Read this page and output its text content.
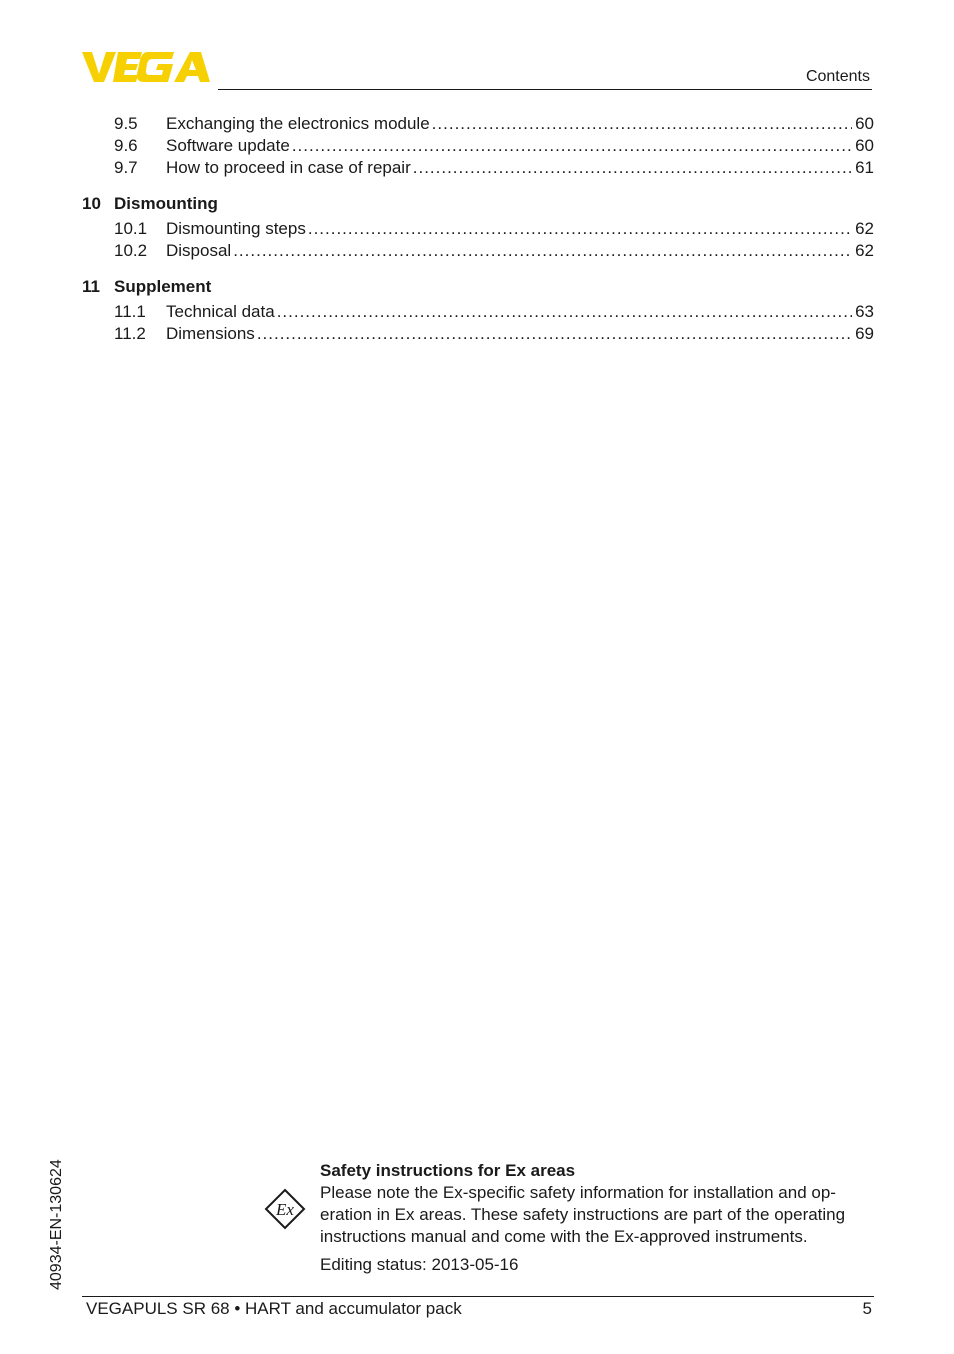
Contents
9.5	Exchanging the electronics module .....	60
9.6	Software update .....	60
9.7	How to proceed in case of repair .....	61
10 Dismounting
10.1	Dismounting steps .....	62
10.2	Disposal .....	62
11 Supplement
11.1	Technical data .....	63
11.2	Dimensions .....	69
40934-EN-130624	Ex
Safety instructions for Ex areas
Please note the Ex-specific safety information for installation and op-
eration in Ex areas. These safety instructions are part of the operating
instructions manual and come with the Ex-approved instruments.
Editing status: 2013-05-16
VEGAPULS SR 68 • HART and accumulator pack	5
